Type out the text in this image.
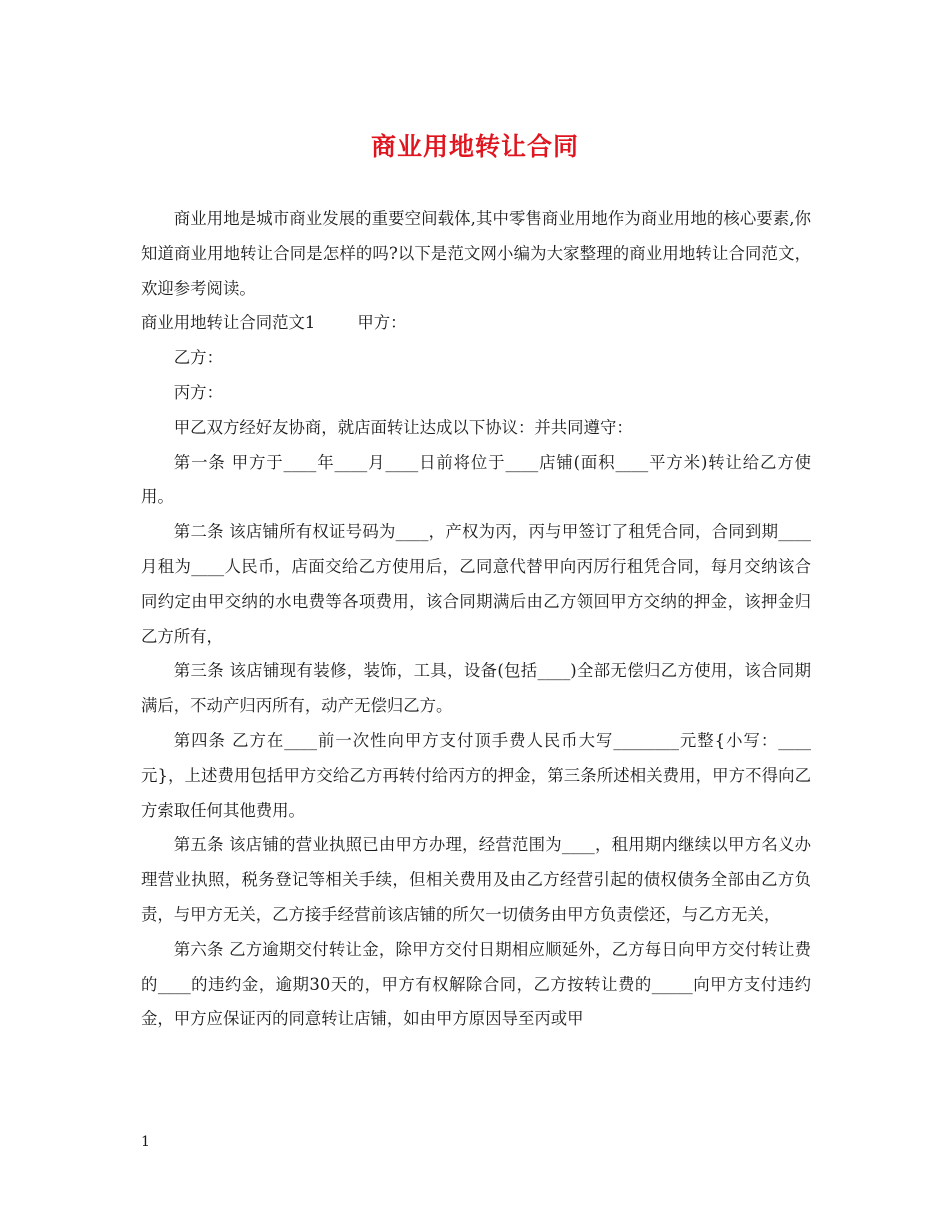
商业用地转让合同

商业用地是城市商业发展的重要空间载体,其中零售商业用地作为商业用地的核心要素,你知道商业用地转让合同是怎样的吗?以下是范文网小编为大家整理的商业用地转让合同范文，欢迎参考阅读。

商业用地转让合同范文1	甲方：

乙方：

丙方：

甲乙双方经好友协商，就店面转让达成以下协议：并共同遵守：

第一条 甲方于____年____月____日前将位于____店铺(面积____平方米)转让给乙方使用。

第二条 该店铺所有权证号码为____，产权为丙，丙与甲签订了租凭合同，合同到期____月租为____人民币，店面交给乙方使用后，乙同意代替甲向丙厉行租凭合同，每月交纳该合同约定由甲交纳的水电费等各项费用，该合同期满后由乙方领回甲方交纳的押金，该押金归乙方所有，

第三条 该店铺现有装修，装饰，工具，设备(包括____)全部无偿归乙方使用，该合同期满后，不动产归丙所有，动产无偿归乙方。

第四条 乙方在____前一次性向甲方支付顶手费人民币大写________元整{小写：____元}，上述费用包括甲方交给乙方再转付给丙方的押金，第三条所述相关费用，甲方不得向乙方索取任何其他费用。

第五条 该店铺的营业执照已由甲方办理，经营范围为____，租用期内继续以甲方名义办理营业执照，税务登记等相关手续，但相关费用及由乙方经营引起的债权债务全部由乙方负责，与甲方无关，乙方接手经营前该店铺的所欠一切债务由甲方负责偿还，与乙方无关，

第六条 乙方逾期交付转让金，除甲方交付日期相应顺延外，乙方每日向甲方交付转让费的____的违约金，逾期30天的，甲方有权解除合同，乙方按转让费的_____向甲方支付违约金，甲方应保证丙的同意转让店铺，如由甲方原因导至丙或甲

1
